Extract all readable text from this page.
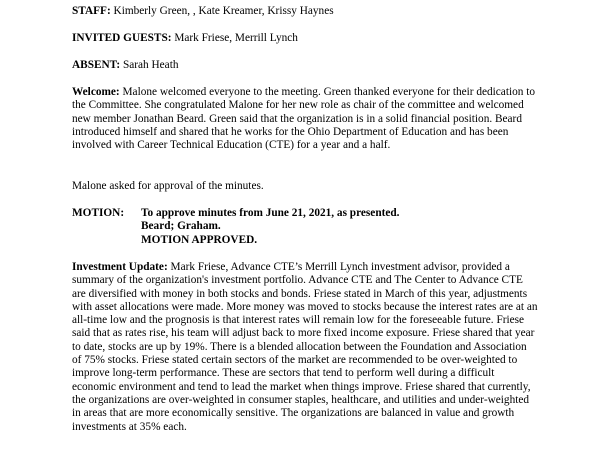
STAFF: Kimberly Green, , Kate Kreamer, Krissy Haynes

INVITED GUESTS: Mark Friese, Merrill Lynch

ABSENT: Sarah Heath

Welcome: Malone welcomed everyone to the meeting. Green thanked everyone for their dedication to the Committee. She congratulated Malone for her new role as chair of the committee and welcomed new member Jonathan Beard. Green said that the organization is in a solid financial position. Beard introduced himself and shared that he works for the Ohio Department of Education and has been involved with Career Technical Education (CTE) for a year and a half.

Malone asked for approval of the minutes.

MOTION: To approve minutes from June 21, 2021, as presented.
Beard; Graham.
MOTION APPROVED.

Investment Update: Mark Friese, Advance CTE’s Merrill Lynch investment advisor, provided a summary of the organization's investment portfolio. Advance CTE and The Center to Advance CTE are diversified with money in both stocks and bonds. Friese stated in March of this year, adjustments with asset allocations were made. More money was moved to stocks because the interest rates are at an all-time low and the prognosis is that interest rates will remain low for the foreseeable future. Friese said that as rates rise, his team will adjust back to more fixed income exposure. Friese shared that year to date, stocks are up by 19%. There is a blended allocation between the Foundation and Association of 75% stocks. Friese stated certain sectors of the market are recommended to be over-weighted to improve long-term performance. These are sectors that tend to perform well during a difficult economic environment and tend to lead the market when things improve. Friese shared that currently, the organizations are over-weighted in consumer staples, healthcare, and utilities and under-weighted in areas that are more economically sensitive. The organizations are balanced in value and growth investments at 35% each.
